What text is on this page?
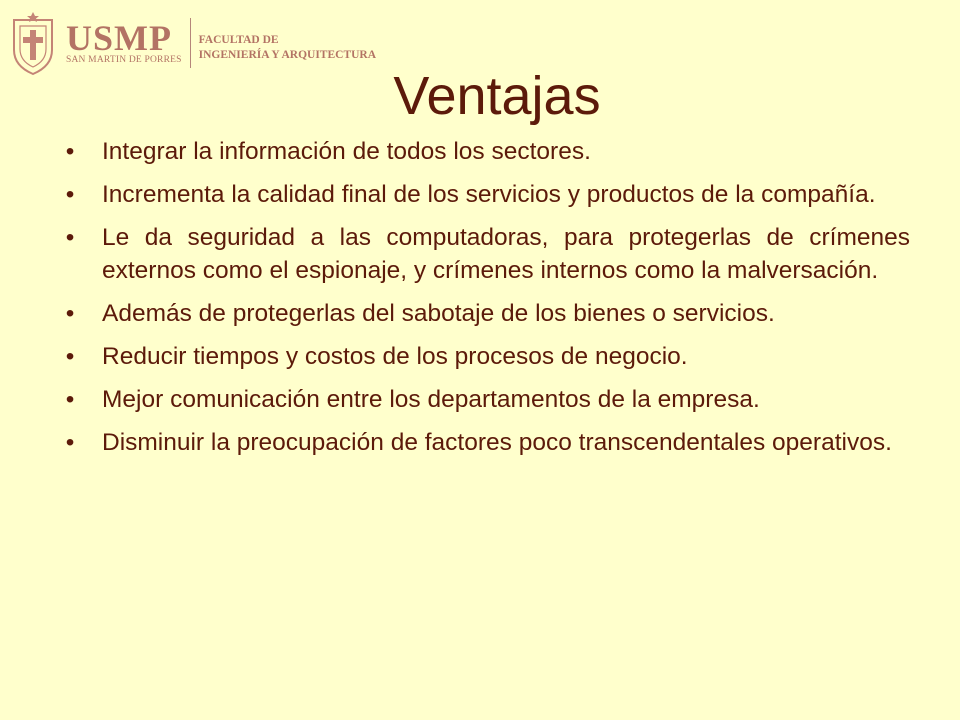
USMP
SAN MARTIN DE PORRES
FACULTAD DE
INGENIERÍA Y ARQUITECTURA
Ventajas
• Integrar la información de todos los sectores.
• Incrementa la calidad final de los servicios y productos de la compañía.
• Le da seguridad a las computadoras, para protegerlas de crímenes externos como el espionaje, y crímenes internos como la malversación.
• Además de protegerlas del sabotaje de los bienes o servicios.
• Reducir tiempos y costos de los procesos de negocio.
• Mejor comunicación entre los departamentos de la empresa.
• Disminuir la preocupación de factores poco transcendentales operativos.
